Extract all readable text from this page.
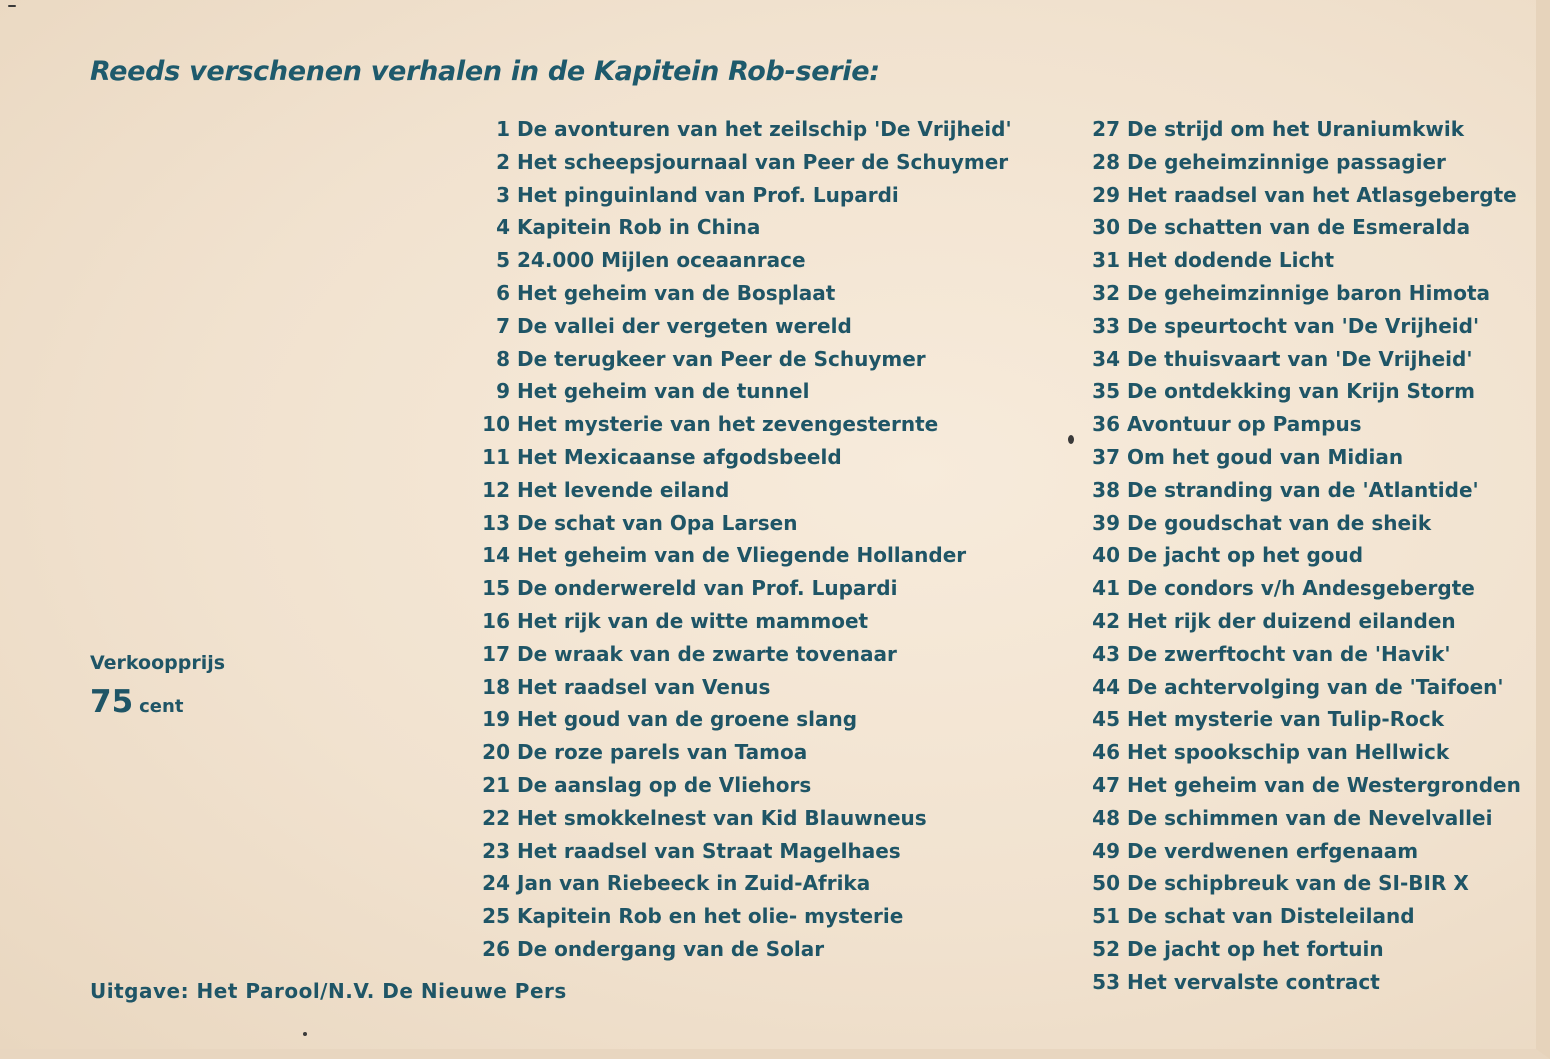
Reeds verschenen verhalen in de Kapitein Rob-serie:
1 De avonturen van het zeilschip 'De Vrijheid'
2 Het scheepsjournaal van Peer de Schuymer
3 Het pinguinland van Prof. Lupardi
4 Kapitein Rob in China
5 24.000 Mijlen oceaanrace
6 Het geheim van de Bosplaat
7 De vallei der vergeten wereld
8 De terugkeer van Peer de Schuymer
9 Het geheim van de tunnel
10 Het mysterie van het zevengesternte
11 Het Mexicaanse afgodsbeeld
12 Het levende eiland
13 De schat van Opa Larsen
14 Het geheim van de Vliegende Hollander
15 De onderwereld van Prof. Lupardi
16 Het rijk van de witte mammoet
17 De wraak van de zwarte tovenaar
18 Het raadsel van Venus
19 Het goud van de groene slang
20 De roze parels van Tamoa
21 De aanslag op de Vliehors
22 Het smokkelnest van Kid Blauwneus
23 Het raadsel van Straat Magelhaes
24 Jan van Riebeeck in Zuid-Afrika
25 Kapitein Rob en het olie- mysterie
26 De ondergang van de Solar
27 De strijd om het Uraniumkwik
28 De geheimzinnige passagier
29 Het raadsel van het Atlasgebergte
30 De schatten van de Esmeralda
31 Het dodende Licht
32 De geheimzinnige baron Himota
33 De speurtocht van 'De Vrijheid'
34 De thuisvaart van 'De Vrijheid'
35 De ontdekking van Krijn Storm
36 Avontuur op Pampus
37 Om het goud van Midian
38 De stranding van de 'Atlantide'
39 De goudschat van de sheik
40 De jacht op het goud
41 De condors v/h Andesgebergte
42 Het rijk der duizend eilanden
43 De zwerftocht van de 'Havik'
44 De achtervolging van de 'Taifoen'
45 Het mysterie van Tulip-Rock
46 Het spookschip van Hellwick
47 Het geheim van de Westergronden
48 De schimmen van de Nevelvallei
49 De verdwenen erfgenaam
50 De schipbreuk van de SI-BIR X
51 De schat van Disteleiland
52 De jacht op het fortuin
53 Het vervalste contract
Verkoopprijs
75 cent
Uitgave: Het Parool/N.V. De Nieuwe Pers
